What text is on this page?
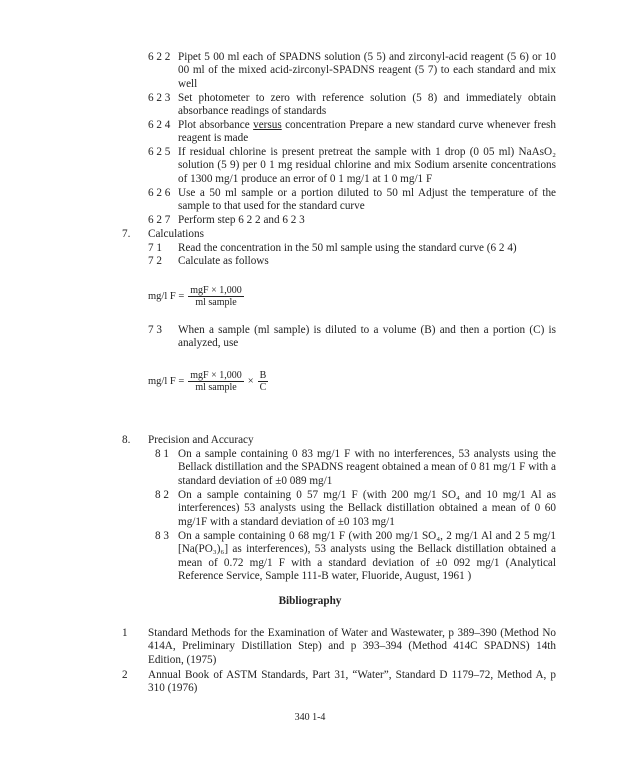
6 2 2 Pipet 5 00 ml each of SPADNS solution (5 5) and zirconyl-acid reagent (5 6) or 10 00 ml of the mixed acid-zirconyl-SPADNS reagent (5 7) to each standard and mix well
6 2 3 Set photometer to zero with reference solution (5 8) and immediately obtain absorbance readings of standards
6 2 4 Plot absorbance versus concentration Prepare a new standard curve whenever fresh reagent is made
6 2 5 If residual chlorine is present pretreat the sample with 1 drop (0 05 ml) NaAsO₂ solution (5 9) per 0 1 mg residual chlorine and mix Sodium arsenite concentrations of 1300 mg/1 produce an error of 0 1 mg/1 at 1 0 mg/1 F
6 2 6 Use a 50 ml sample or a portion diluted to 50 ml Adjust the temperature of the sample to that used for the standard curve
6 2 7 Perform step 6 2 2 and 6 2 3
7. Calculations
7 1 Read the concentration in the 50 ml sample using the standard curve (6 2 4)
7 2 Calculate as follows
mg/l $F = \frac{\text{mgF × 1,000}}{\text{ml sample}}$
7 3 When a sample (ml sample) is diluted to a volume (B) and then a portion (C) is analyzed, use
mg/l $F = \frac{\text{mgF × 1,000}}{\text{ml sample}} \times \frac{B}{C}$
8. Precision and Accuracy
8 1 On a sample containing 0 83 mg/1 F with no interferences, 53 analysts using the Bellack distillation and the SPADNS reagent obtained a mean of 0 81 mg/1 F with a standard deviation of ±0 089 mg/1
8 2 On a sample containing 0 57 mg/1 F (with 200 mg/1 SO₄ and 10 mg/1 Al as interferences) 53 analysts using the Bellack distillation obtained a mean of 0 60 mg/1F with a standard deviation of ±0 103 mg/1
8 3 On a sample containing 0 68 mg/1 F (with 200 mg/1 SO₄, 2 mg/1 Al and 2 5 mg/1 [Na(PO₃)₆] as interferences), 53 analysts using the Bellack distillation obtained a mean of 0.72 mg/1 F with a standard deviation of ±0 092 mg/1 (Analytical Reference Service, Sample 111-B water, Fluoride, August, 1961 )
Bibliography
1 Standard Methods for the Examination of Water and Wastewater, p 389–390 (Method No 414A, Preliminary Distillation Step) and p 393–394 (Method 414C SPADNS) 14th Edition, (1975)
2 Annual Book of ASTM Standards, Part 31, “Water”, Standard D 1179–72, Method A, p 310 (1976)
340 1-4
